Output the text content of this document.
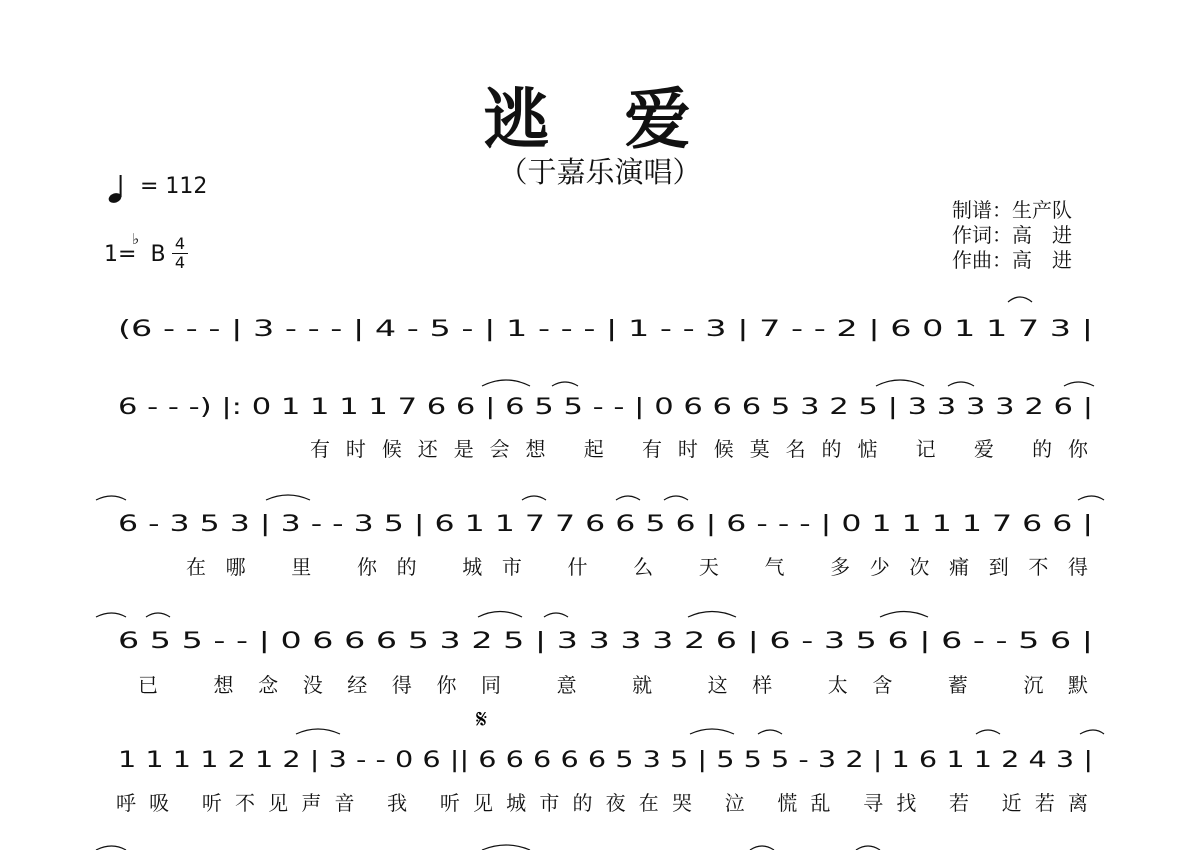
逃 爱
（于嘉乐演唱）
= 112
1= B
♭ 4
4
制谱：生产队
作词：高　进
作曲：高　进
(6 - - - | 3 - - - | 4 - 5 - | 1 - - - | 1 - - 3 | 7 - - 2 | 6 0 1 1 7 3 |
6 - - -) |: 0 1 1 1 1 7 6 6 | 6 5 5 - - | 0 6 6 6 5 3 2 5 | 3 3 3 3 2 6 |
有时候还是会想 起 有时候莫名的惦 记 爱 的你
6 - 3 5 3 | 3 - - 3 5 | 6 1 1 7 7 6 6 5 6 | 6 - - - | 0 1 1 1 1 7 6 6 |
在哪 里 你的 城市 什 么 天 气 多少次痛到不得
6 5 5 - - | 0 6 6 6 5 3 2 5 | 3 3 3 3 2 6 | 6 - 3 5 6 | 6 - - 5 6 |
已 想念没经得你同 意 就 这样 太含 蓄 沉默
1 1 1 1 2 1 2 | 3 - - 0 6 || 6 6 6 6 6 5 3 5 | 5 5 5 - 3 2 | 1 6 1 1 2 4 3 |
呼吸 听不见声音 我 听见城市的夜在哭 泣 慌乱 寻找 若 近若离
𝄋
